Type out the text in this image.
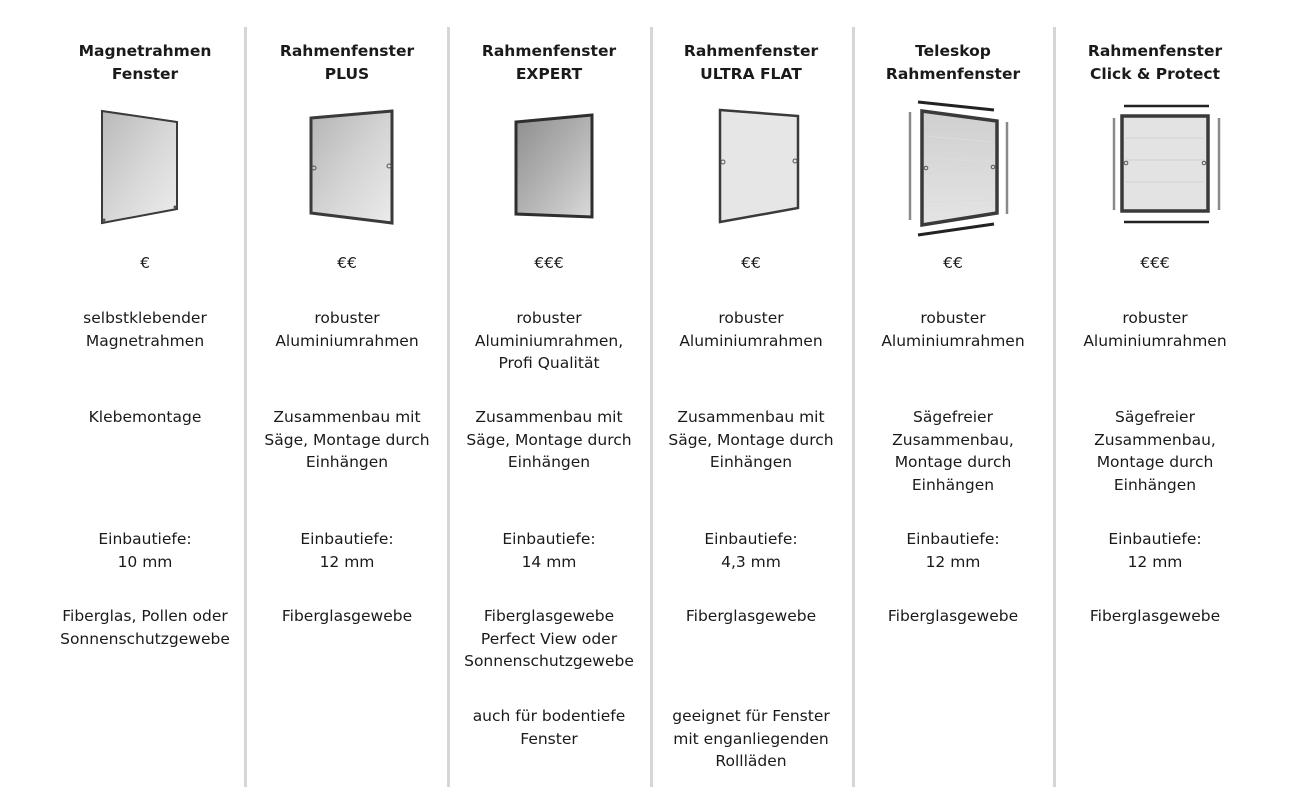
Magnetrahmen
Fenster
€
selbstklebender
Magnetrahmen
Klebemontage
Einbautiefe:
10 mm
Fiberglas, Pollen oder
Sonnenschutzgewebe
Rahmenfenster
PLUS
€€
robuster
Aluminiumrahmen
Zusammenbau mit
Säge, Montage durch
Einhängen
Einbautiefe:
12 mm
Fiberglasgewebe
Rahmenfenster
EXPERT
€€€
robuster
Aluminiumrahmen,
Profi Qualität
Zusammenbau mit
Säge, Montage durch
Einhängen
Einbautiefe:
14 mm
Fiberglasgewebe
Perfect View oder
Sonnenschutzgewebe
auch für bodentiefe
Fenster
Rahmenfenster
ULTRA FLAT
€€
robuster
Aluminiumrahmen
Zusammenbau mit
Säge, Montage durch
Einhängen
Einbautiefe:
4,3 mm
Fiberglasgewebe
geeignet für Fenster
mit enganliegenden
Rollläden
Teleskop
Rahmenfenster
€€
robuster
Aluminiumrahmen
Sägefreier
Zusammenbau,
Montage durch
Einhängen
Einbautiefe:
12 mm
Fiberglasgewebe
Rahmenfenster
Click & Protect
€€€
robuster
Aluminiumrahmen
Sägefreier
Zusammenbau,
Montage durch
Einhängen
Einbautiefe:
12 mm
Fiberglasgewebe
